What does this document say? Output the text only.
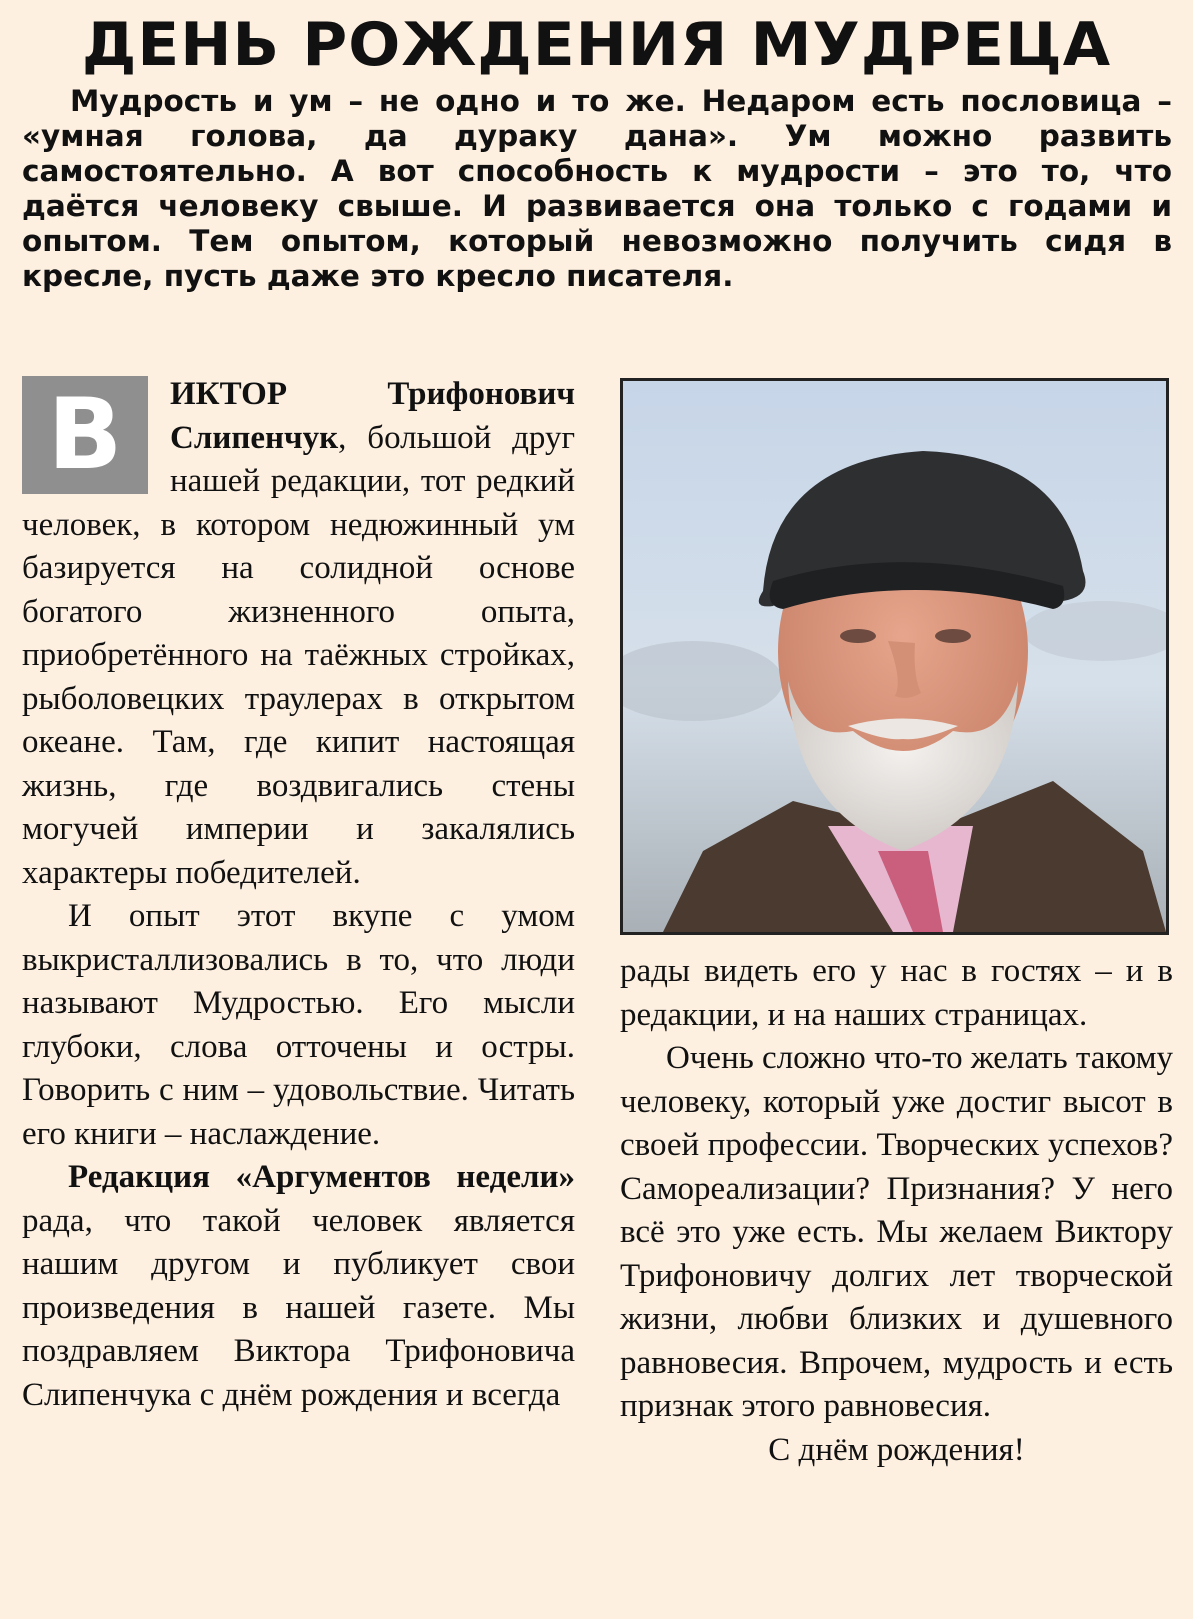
ДЕНЬ РОЖДЕНИЯ МУДРЕЦА

Мудрость и ум – не одно и то же. Недаром есть пословица – «умная голова, да дураку дана». Ум можно развить самостоятельно. А вот способность к мудрости – это то, что даётся человеку свыше. И развивается она только с годами и опытом. Тем опытом, который невозможно получить сидя в кресле, пусть даже это кресло писателя.

В	ИКТОР Трифонович Слипенчук, большой друг нашей редакции, тот редкий человек, в котором недюжинный ум базируется на солидной основе богатого жизненного опыта, приобретённого на таёжных стройках, рыболовецких траулерах в открытом океане. Там, где кипит настоящая жизнь, где воздвигались стены могучей империи и закалялись характеры победителей.

И опыт этот вкупе с умом выкристаллизовались в то, что люди называют Мудростью. Его мысли глубоки, слова отточены и остры. Говорить с ним – удовольствие. Читать его книги – наслаждение.

Редакция «Аргументов недели» рада, что такой человек является нашим другом и публикует свои произведения в нашей газете. Мы поздравляем Виктора Трифоновича Слипенчука с днём рождения и всегда

рады видеть его у нас в гостях – и в редакции, и на наших страницах.

Очень сложно что-то желать такому человеку, который уже достиг высот в своей профессии. Творческих успехов? Самореализации? Признания? У него всё это уже есть. Мы желаем Виктору Трифоновичу долгих лет творческой жизни, любви близких и душевного равновесия. Впрочем, мудрость и есть признак этого равновесия.

С днём рождения!
